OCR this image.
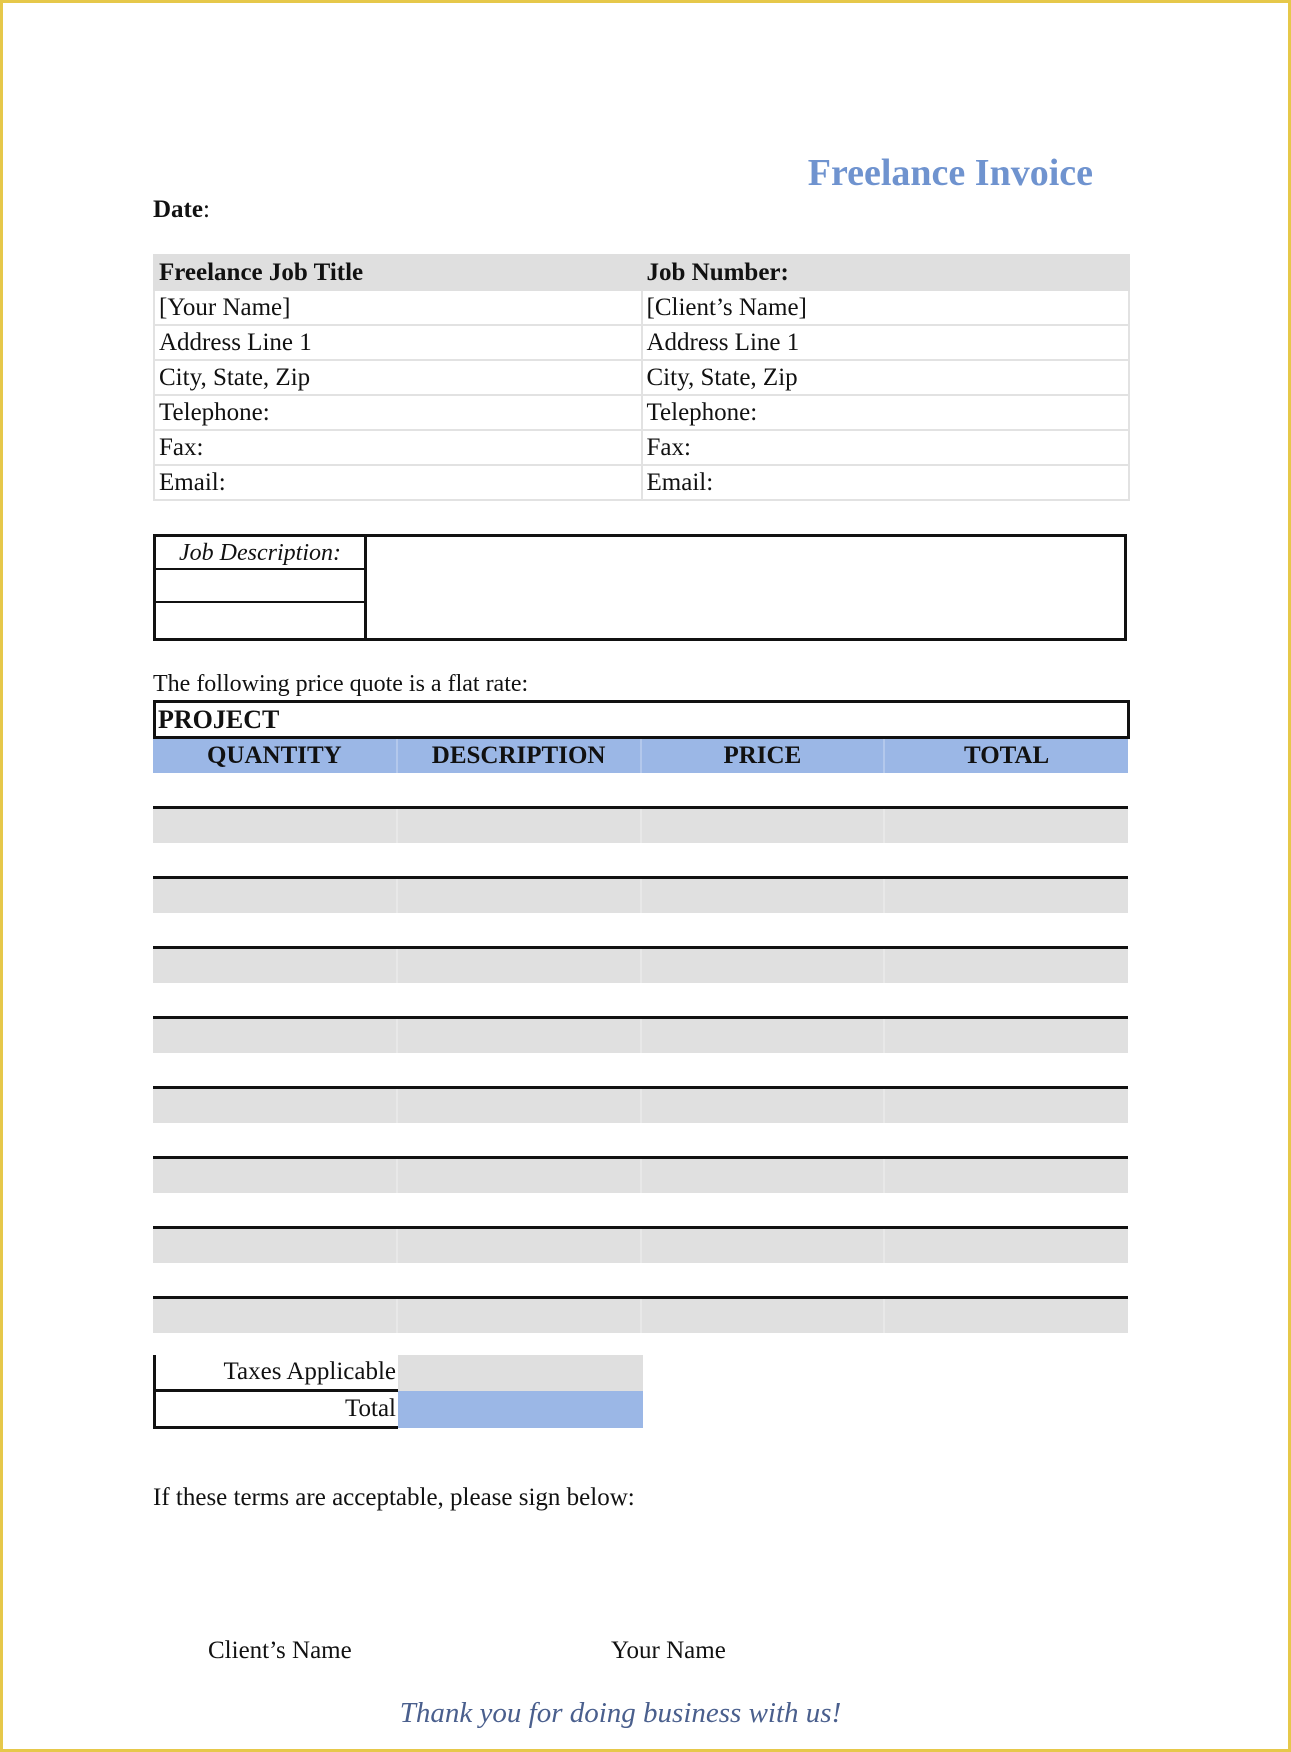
Freelance Invoice
Date:
Freelance Job Title	Job Number:
[Your Name]	[Client’s Name]
Address Line 1	Address Line 1
City, State, Zip	City, State, Zip
Telephone:	Telephone:
Fax:	Fax:
Email:	Email:
Job Description:
The following price quote is a flat rate:
PROJECT
QUANTITY	DESCRIPTION	PRICE	TOTAL

Taxes Applicable	
Total	
If these terms are acceptable, please sign below:
Client’s Name	Your Name
Thank you for doing business with us!
